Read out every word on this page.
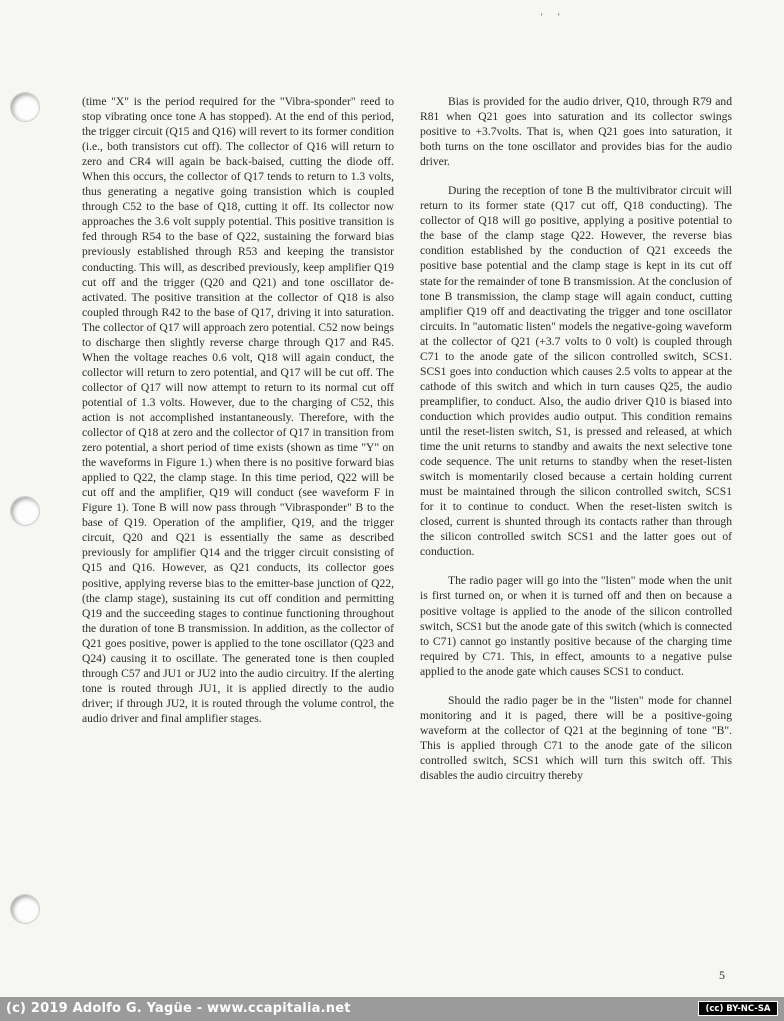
‘ ‘

(time "X" is the period required for the "Vibra-sponder" reed to stop vibrating once tone A has stopped). At the end of this period, the trigger circuit (Q15 and Q16) will revert to its former condition (i.e., both transistors cut off). The collector of Q16 will return to zero and CR4 will again be back-baised, cutting the diode off. When this occurs, the collector of Q17 tends to return to 1.3 volts, thus generating a negative going transistion which is coupled through C52 to the base of Q18, cutting it off. Its collector now approaches the 3.6 volt supply potential. This positive transition is fed through R54 to the base of Q22, sustaining the forward bias previously established through R53 and keeping the transistor conducting. This will, as described previously, keep amplifier Q19 cut off and the trigger (Q20 and Q21) and tone oscillator de-activated. The positive transition at the collector of Q18 is also coupled through R42 to the base of Q17, driving it into saturation. The collector of Q17 will approach zero potential. C52 now beings to discharge then slightly reverse charge through Q17 and R45. When the voltage reaches 0.6 volt, Q18 will again conduct, the collector will return to zero potential, and Q17 will be cut off. The collector of Q17 will now attempt to return to its normal cut off potential of 1.3 volts. However, due to the charging of C52, this action is not accomplished instantaneously. Therefore, with the collector of Q18 at zero and the collector of Q17 in transition from zero potential, a short period of time exists (shown as time "Y" on the waveforms in Figure 1.) when there is no positive forward bias applied to Q22, the clamp stage. In this time period, Q22 will be cut off and the amplifier, Q19 will conduct (see waveform F in Figure 1). Tone B will now pass through "Vibrasponder" B to the base of Q19. Operation of the amplifier, Q19, and the trigger circuit, Q20 and Q21 is essentially the same as described previously for amplifier Q14 and the trigger circuit consisting of Q15 and Q16. However, as Q21 conducts, its collector goes positive, applying reverse bias to the emitter-base junction of Q22, (the clamp stage), sustaining its cut off condition and permitting Q19 and the succeeding stages to continue functioning throughout the duration of tone B transmission. In addition, as the collector of Q21 goes positive, power is applied to the tone oscillator (Q23 and Q24) causing it to oscillate. The generated tone is then coupled through C57 and JU1 or JU2 into the audio circuitry. If the alerting tone is routed through JU1, it is applied directly to the audio driver; if through JU2, it is routed through the volume control, the audio driver and final amplifier stages.

Bias is provided for the audio driver, Q10, through R79 and R81 when Q21 goes into saturation and its collector swings positive to +3.7volts. That is, when Q21 goes into saturation, it both turns on the tone oscillator and provides bias for the audio driver.

During the reception of tone B the multivibrator circuit will return to its former state (Q17 cut off, Q18 conducting). The collector of Q18 will go positive, applying a positive potential to the base of the clamp stage Q22. However, the reverse bias condition established by the conduction of Q21 exceeds the positive base potential and the clamp stage is kept in its cut off state for the remainder of tone B transmission. At the conclusion of tone B transmission, the clamp stage will again conduct, cutting amplifier Q19 off and deactivating the trigger and tone oscillator circuits. In "automatic listen" models the negative-going waveform at the collector of Q21 (+3.7 volts to 0 volt) is coupled through C71 to the anode gate of the silicon controlled switch, SCS1. SCS1 goes into conduction which causes 2.5 volts to appear at the cathode of this switch and which in turn causes Q25, the audio preamplifier, to conduct. Also, the audio driver Q10 is biased into conduction which provides audio output. This condition remains until the reset-listen switch, S1, is pressed and released, at which time the unit returns to standby and awaits the next selective tone code sequence. The unit returns to standby when the reset-listen switch is momentarily closed because a certain holding current must be maintained through the silicon controlled switch, SCS1 for it to continue to conduct. When the reset-listen switch is closed, current is shunted through its contacts rather than through the silicon controlled switch SCS1 and the latter goes out of conduction.

The radio pager will go into the "listen" mode when the unit is first turned on, or when it is turned off and then on because a positive voltage is applied to the anode of the silicon controlled switch, SCS1 but the anode gate of this switch (which is connected to C71) cannot go instantly positive because of the charging time required by C71. This, in effect, amounts to a negative pulse applied to the anode gate which causes SCS1 to conduct.

Should the radio pager be in the "listen" mode for channel monitoring and it is paged, there will be a positive-going waveform at the collector of Q21 at the beginning of tone "B". This is applied through C71 to the anode gate of the silicon controlled switch, SCS1 which will turn this switch off. This disables the audio circuitry thereby

5
(c) 2019 Adolfo G. Yagüe - www.ccapitalia.net	(cc) BY-NC-SA
